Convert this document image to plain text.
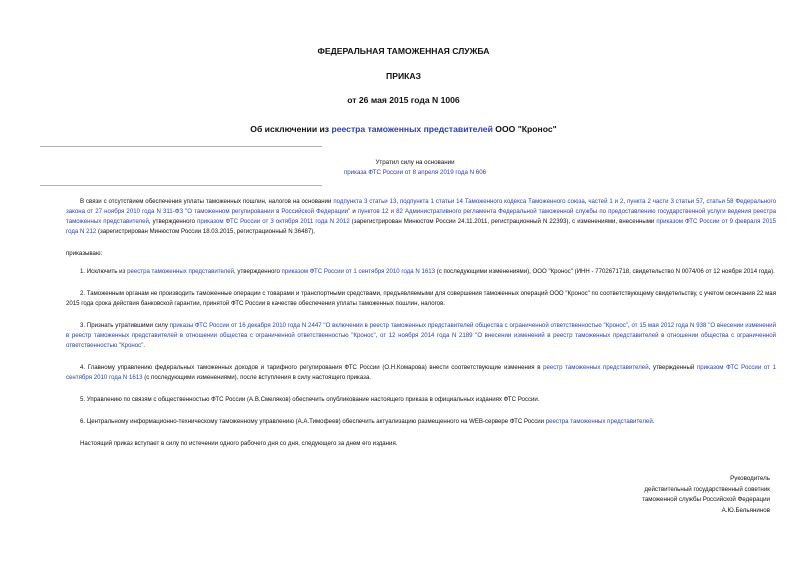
ФЕДЕРАЛЬНАЯ ТАМОЖЕННАЯ СЛУЖБА
ПРИКАЗ
от 26 мая 2015 года N 1006
Об исключении из реестра таможенных представителей ООО "Кронос"
Утратил силу на основании
приказа ФТС России от 8 апреля 2019 года N 606

В связи с отсутствием обеспечения уплаты таможенных пошлин, налогов на основании подпункта 3 статьи 13, подпункта 1 статьи 14 Таможенного кодекса Таможенного союза, частей 1 и 2, пункта 2 части 3 статьи 57, статьи 58 Федерального закона от 27 ноября 2010 года N 311-ФЗ "О таможенном регулировании в Российской Федерации" и пунктов 12 и 82 Административного регламента Федеральной таможенной службы по предоставлению государственной услуги ведения реестра таможенных представителей, утвержденного приказом ФТС России от 3 октября 2011 года N 2012 (зарегистрирован Минюстом России 24.11.2011, регистрационный N 22393), с изменениями, внесенными приказом ФТС России от 9 февраля 2015 года N 212 (зарегистрирован Минюстом России 18.03.2015, регистрационный N 36487),

приказываю:

1. Исключить из реестра таможенных представителей, утвержденного приказом ФТС России от 1 сентября 2010 года N 1613 (с последующими изменениями), ООО "Кронос" (ИНН - 7702671718, свидетельство N 0074/06 от 12 ноября 2014 года).

2. Таможенным органам не производить таможенные операции с товарами и транспортными средствами, предъявляемыми для совершения таможенных операций ООО "Кронос" по соответствующему свидетельству, с учетом окончания 22 мая 2015 года срока действия банковской гарантии, принятой ФТС России в качестве обеспечения уплаты таможенных пошлин, налогов.

3. Признать утратившими силу приказы ФТС России от 16 декабря 2010 года N 2447 "О включении в реестр таможенных представителей общества с ограниченной ответственностью "Кронос", от 15 мая 2012 года N 938 "О внесении изменений в реестр таможенных представителей в отношении общества с ограниченной ответственностью "Кронос", от 12 ноября 2014 года N 2189 "О внесении изменений в реестр таможенных представителей в отношении общества с ограниченной ответственностью "Кронос".

4. Главному управлению федеральных таможенных доходов и тарифного регулирования ФТС России (О.Н.Комарова) внести соответствующие изменения в реестр таможенных представителей, утвержденный приказом ФТС России от 1 сентября 2010 года N 1613 (с последующими изменениями), после вступления в силу настоящего приказа.

5. Управлению по связям с общественностью ФТС России (А.В.Смеляков) обеспечить опубликование настоящего приказа в официальных изданиях ФТС России.

6. Центральному информационно-техническому таможенному управлению (А.А.Тимофеев) обеспечить актуализацию размещенного на WEB-сервере ФТС России реестра таможенных представителей.

Настоящий приказ вступает в силу по истечении одного рабочего дня со дня, следующего за днем его издания.

Руководитель
действительный государственный советник
таможенной службы Российской Федерации
А.Ю.Бельянинов
